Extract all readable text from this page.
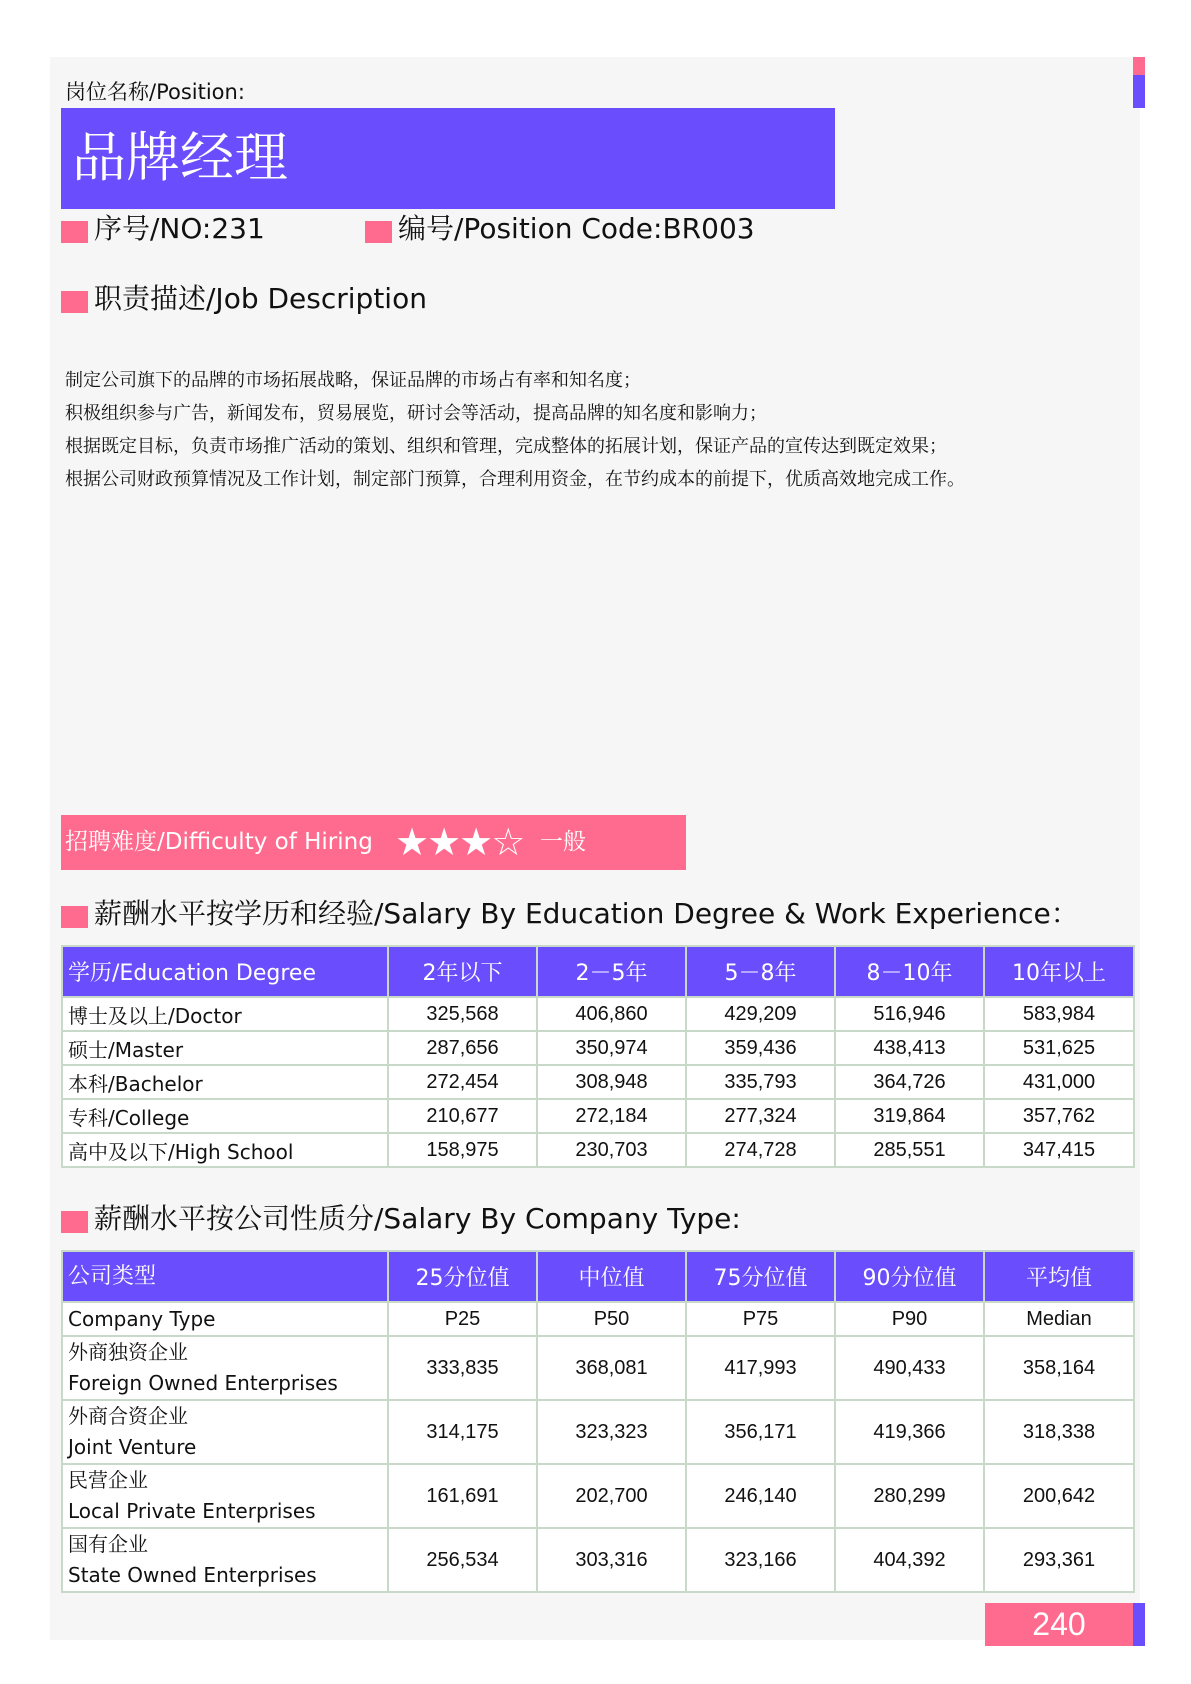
岗位名称/Position:
品牌经理
序号/NO:231	编号/Position Code:BR003
职责描述/Job Description
制定公司旗下的品牌的市场拓展战略，保证品牌的市场占有率和知名度；
积极组织参与广告，新闻发布，贸易展览，研讨会等活动，提高品牌的知名度和影响力；
根据既定目标，负责市场推广活动的策划、组织和管理，完成整体的拓展计划，保证产品的宣传达到既定效果；
根据公司财政预算情况及工作计划，制定部门预算，合理利用资金，在节约成本的前提下，优质高效地完成工作。
招聘难度/Difficulty of Hiring ★★★☆ 一般
薪酬水平按学历和经验/Salary By Education Degree & Work Experience：
学历/Education Degree	2年以下	2－5年	5－8年	8－10年	10年以上
博士及以上/Doctor	325,568	406,860	429,209	516,946	583,984
硕士/Master	287,656	350,974	359,436	438,413	531,625
本科/Bachelor	272,454	308,948	335,793	364,726	431,000
专科/College	210,677	272,184	277,324	319,864	357,762
高中及以下/High School	158,975	230,703	274,728	285,551	347,415
薪酬水平按公司性质分/Salary By Company Type:
公司类型	25分位值	中位值	75分位值	90分位值	平均值
Company Type	P25	P50	P75	P90	Median

外商独资企业
Foreign Owned Enterprises	333,835	368,081	417,993	490,433	358,164

外商合资企业
Joint Venture	314,175	323,323	356,171	419,366	318,338

民营企业
Local Private Enterprises	161,691	202,700	246,140	280,299	200,642

国有企业
State Owned Enterprises	256,534	303,316	323,166	404,392	293,361
240
